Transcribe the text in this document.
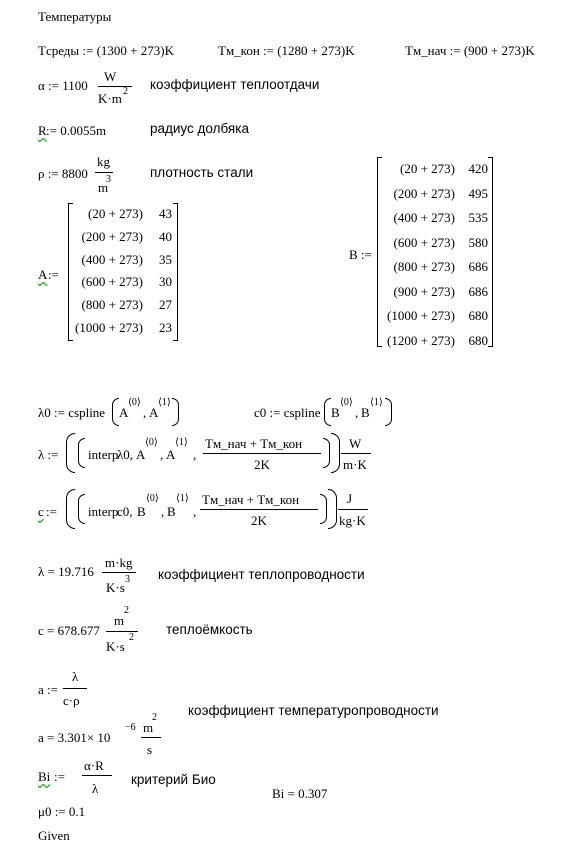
Температуры
Tсреды := (1300 + 273)K	Tм_кон := (1280 + 273)K	Tм_нач := (900 + 273)K
α := 1100
W
K·m 2 коэффициент теплоотдачи
R := 0.0055m	радиус долбяка
ρ := 8800
kg
m
3	плотность стали
A :=
(20 + 273) 43
(200 + 273) 40
(400 + 273) 35
(600 + 273) 30
(800 + 273) 27
(1000 + 273) 23
B :=
(20 + 273) 420
(200 + 273) 495
(400 + 273) 535
(600 + 273) 580
(800 + 273) 686
(900 + 273) 686
(1000 + 273) 680
(1200 + 273) 680
λ0 := cspline A
⟨0⟩
, A
⟨1⟩
c0 := cspline B
⟨0⟩
, B
⟨1⟩
λ := interp
λ0, A
⟨0⟩
, A
⟨1⟩
,
Tм_нач + Tм_кон
2K
W
m·K
c := interp
c0, B
⟨0⟩
, B
⟨1⟩
,
Tм_нач + Tм_кон
2K
J
kg·K
λ = 19.716
m·kg
K·s
3 коэффициент теплопроводности
c = 678.677
m
2
K·s
2
теплоёмкость
a :=
λ
c·ρ
a = 3.301× 10
−6 m
2
s
коэффициент температуропроводности
Bi :=
α·R
λ
критерий Био
Bi = 0.307
μ0 := 0.1
Given
